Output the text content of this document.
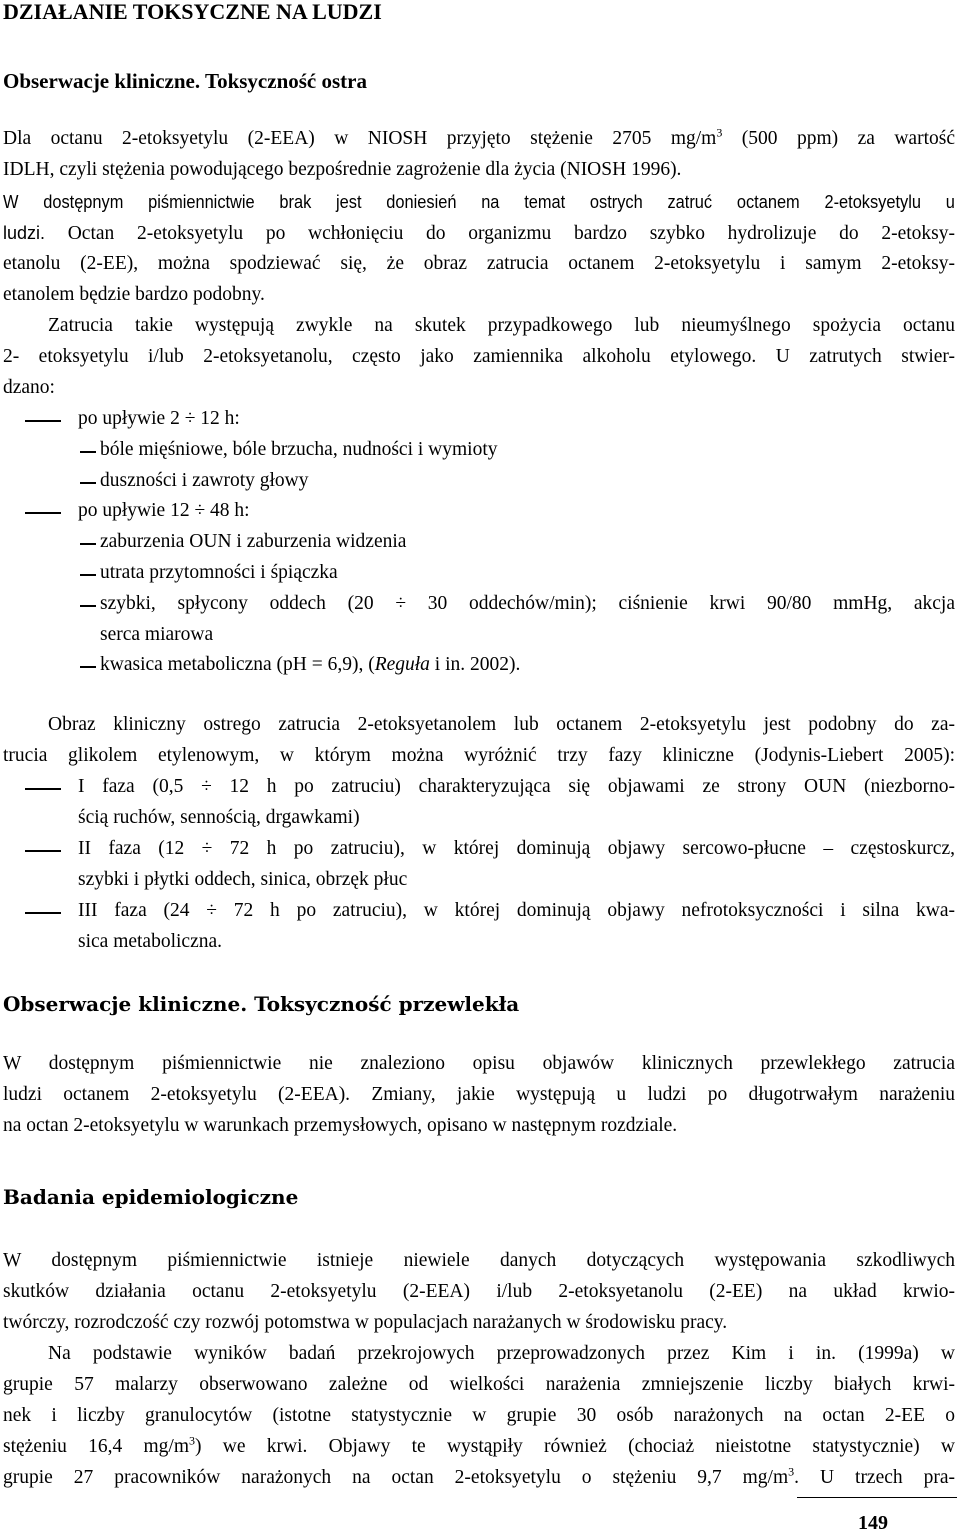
DZIAŁANIE TOKSYCZNE NA LUDZI
Obserwacje kliniczne. Toksyczność ostra
Dla octanu 2-etoksyetylu (2-EEA) w NIOSH przyjęto stężenie 2705 $mg/m^3$ (500 ppm) za wartość
IDLH, czyli stężenia powodującego bezpośrednie zagrożenie dla życia (NIOSH 1996).
W dostępnym piśmiennictwie brak jest doniesień na temat ostrych zatruć octanem 2-etoksyetylu u
ludzi. Octan 2-etoksyetylu po wchłonięciu do organizmu bardzo szybko hydrolizuje do 2-etoksy-
etanolu (2-EE), można spodziewać się, że obraz zatrucia octanem 2-etoksyetylu i samym 2-etoksy-
etanolem będzie bardzo podobny.
Zatrucia takie występują zwykle na skutek przypadkowego lub nieumyślnego spożycia octanu
2- etoksyetylu i/lub 2-etoksyetanolu, często jako zamiennika alkoholu etylowego. U zatrutych stwier-
dzano:
po upływie 2 ÷ 12 h:
bóle mięśniowe, bóle brzucha, nudności i wymioty
duszności i zawroty głowy
po upływie 12 ÷ 48 h:
zaburzenia OUN i zaburzenia widzenia
utrata przytomności i śpiączka
szybki, spłycony oddech (20 ÷ 30 oddechów/min); ciśnienie krwi 90/80 mmHg, akcja
serca miarowa
kwasica metaboliczna (pH = 6,9), (Reguła i in. 2002).
Obraz kliniczny ostrego zatrucia 2-etoksyetanolem lub octanem 2-etoksyetylu jest podobny do za-
trucia glikolem etylenowym, w którym można wyróżnić trzy fazy kliniczne (Jodynis-Liebert 2005):
I faza (0,5 ÷ 12 h po zatruciu) charakteryzująca się objawami ze strony OUN (niezborno-
ścią ruchów, sennością, drgawkami)
II faza (12 ÷ 72 h po zatruciu), w której dominują objawy sercowo-płucne – częstoskurcz,
szybki i płytki oddech, sinica, obrzęk płuc
III faza (24 ÷ 72 h po zatruciu), w której dominują objawy nefrotoksyczności i silna kwa-
sica metaboliczna.
Obserwacje kliniczne. Toksyczność przewlekła
W dostępnym piśmiennictwie nie znaleziono opisu objawów klinicznych przewlekłego zatrucia
ludzi octanem 2-etoksyetylu (2-EEA). Zmiany, jakie występują u ludzi po długotrwałym narażeniu
na octan 2-etoksyetylu w warunkach przemysłowych, opisano w następnym rozdziale.
Badania epidemiologiczne
W dostępnym piśmiennictwie istnieje niewiele danych dotyczących występowania szkodliwych
skutków działania octanu 2-etoksyetylu (2-EEA) i/lub 2-etoksyetanolu (2-EE) na układ krwio-
twórczy, rozrodczość czy rozwój potomstwa w populacjach narażanych w środowisku pracy.
Na podstawie wyników badań przekrojowych przeprowadzonych przez Kim i in. (1999a) w
grupie 57 malarzy obserwowano zależne od wielkości narażenia zmniejszenie liczby białych krwi-
nek i liczby granulocytów (istotne statystycznie w grupie 30 osób narażonych na octan 2-EE o
stężeniu 16,4 $mg/m^3$) we krwi. Objawy te wystąpiły również (chociaż nieistotne statystycznie) w
grupie 27 pracowników narażonych na octan 2-etoksyetylu o stężeniu 9,7 $mg/m^3$. U trzech pra-
149
